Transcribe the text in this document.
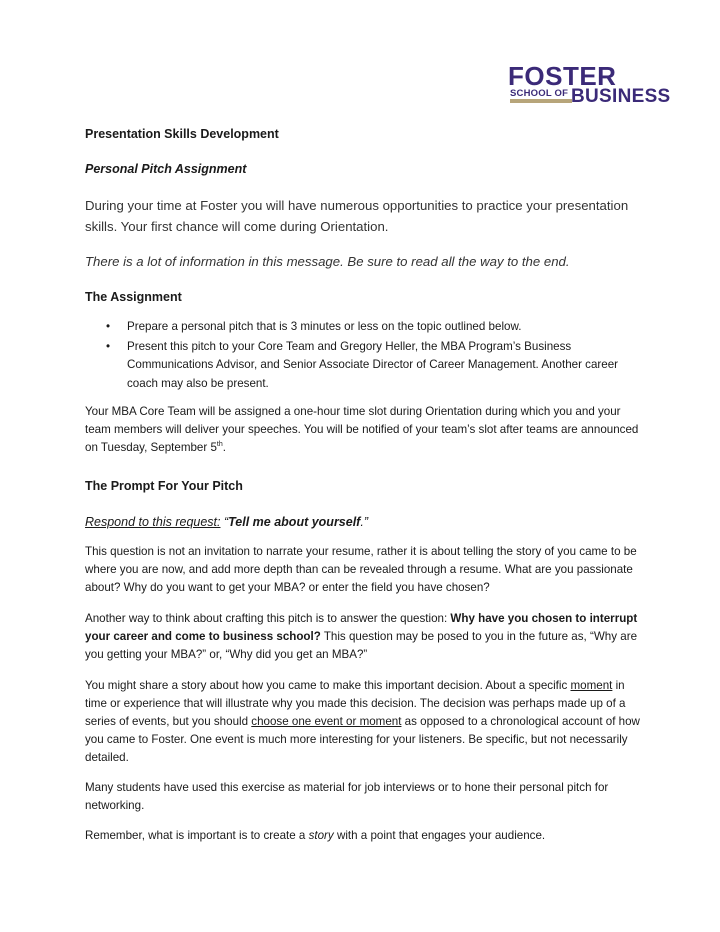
FOSTER
SCHOOL OF BUSINESS
Presentation Skills Development
Personal Pitch Assignment
During your time at Foster you will have numerous opportunities to practice your presentation
skills. Your first chance will come during Orientation.
There is a lot of information in this message. Be sure to read all the way to the end.
The Assignment
• Prepare a personal pitch that is 3 minutes or less on the topic outlined below.
• Present this pitch to your Core Team and Gregory Heller, the MBA Program’s Business Communications Advisor, and Senior Associate Director of Career Management. Another career coach may also be present.
Your MBA Core Team will be assigned a one-hour time slot during Orientation during which you and your team members will deliver your speeches. You will be notified of your team’s slot after teams are announced on Tuesday, September 5th.
The Prompt For Your Pitch
Respond to this request: “Tell me about yourself.”
This question is not an invitation to narrate your resume, rather it is about telling the story of you came to be where you are now, and add more depth than can be revealed through a resume. What are you passionate about? Why do you want to get your MBA? or enter the field you have chosen?
Another way to think about crafting this pitch is to answer the question: Why have you chosen to interrupt your career and come to business school? This question may be posed to you in the future as, “Why are you getting your MBA?” or, “Why did you get an MBA?”
You might share a story about how you came to make this important decision. About a specific moment in time or experience that will illustrate why you made this decision. The decision was perhaps made up of a series of events, but you should choose one event or moment as opposed to a chronological account of how you came to Foster. One event is much more interesting for your listeners. Be specific, but not necessarily detailed.
Many students have used this exercise as material for job interviews or to hone their personal pitch for networking.
Remember, what is important is to create a story with a point that engages your audience.
